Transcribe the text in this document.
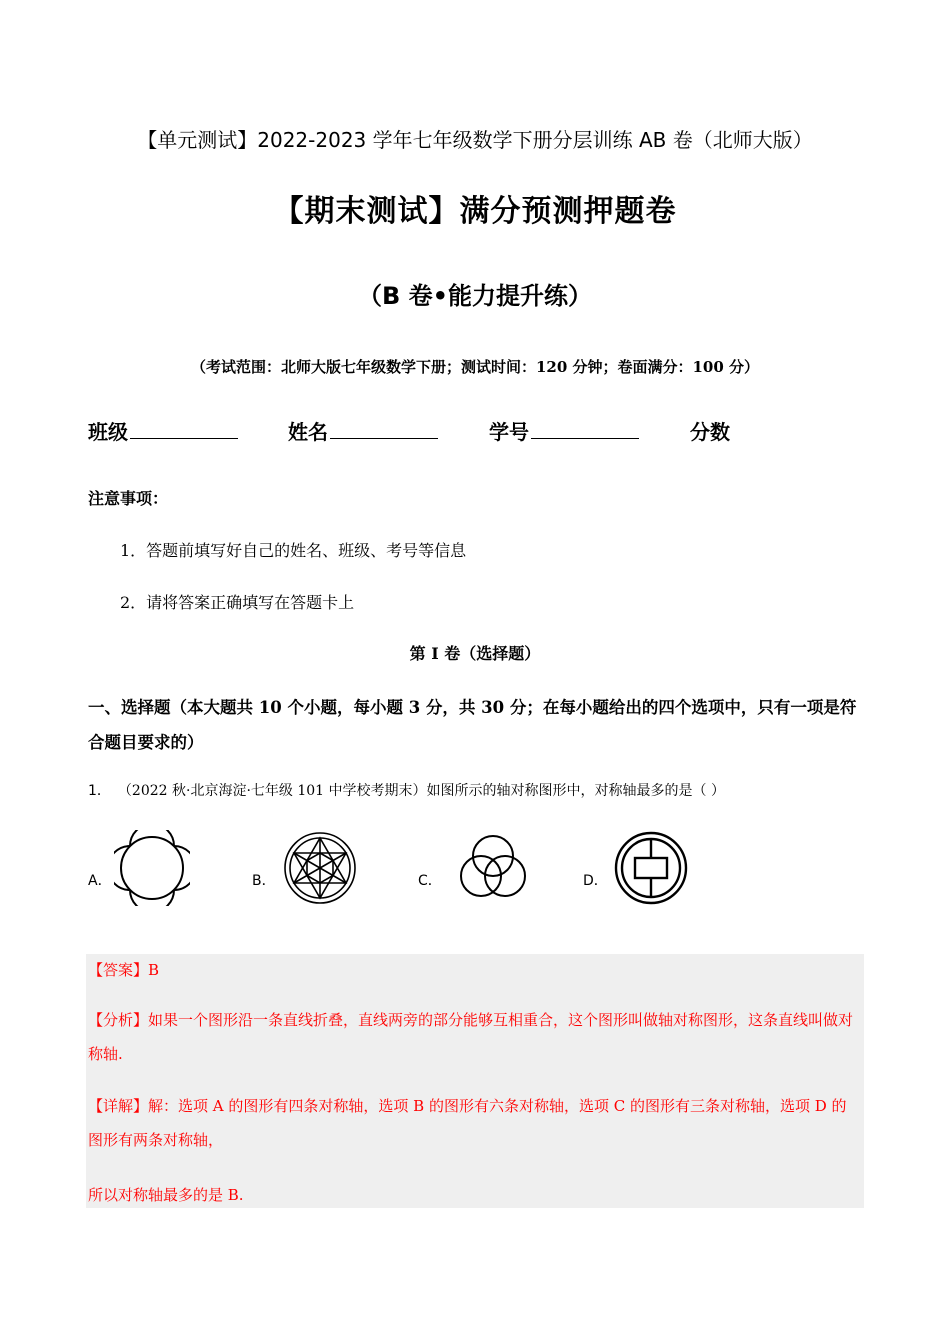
【单元测试】2022-2023 学年七年级数学下册分层训练 AB 卷（北师大版）
【期末测试】满分预测押题卷
（B 卷•能力提升练）
（考试范围：北师大版七年级数学下册；测试时间：120 分钟；卷面满分：100 分）
班级	姓名	学号	分数
注意事项：
1．答题前填写好自己的姓名、班级、考号等信息
2．请将答案正确填写在答题卡上
第 I 卷（选择题）
一、选择题（本大题共 10 个小题，每小题 3 分，共 30 分；在每小题给出的四个选项中，只有一项是符合题目要求的）
1． （2022 秋·北京海淀·七年级 101 中学校考期末）如图所示的轴对称图形中，对称轴最多的是（ ）
A．	B．	C．	D．
【答案】B
【分析】如果一个图形沿一条直线折叠，直线两旁的部分能够互相重合，这个图形叫做轴对称图形，这条直线叫做对称轴.
【详解】解：选项 A 的图形有四条对称轴，选项 B 的图形有六条对称轴，选项 C 的图形有三条对称轴，选项 D 的图形有两条对称轴，
所以对称轴最多的是 B.
